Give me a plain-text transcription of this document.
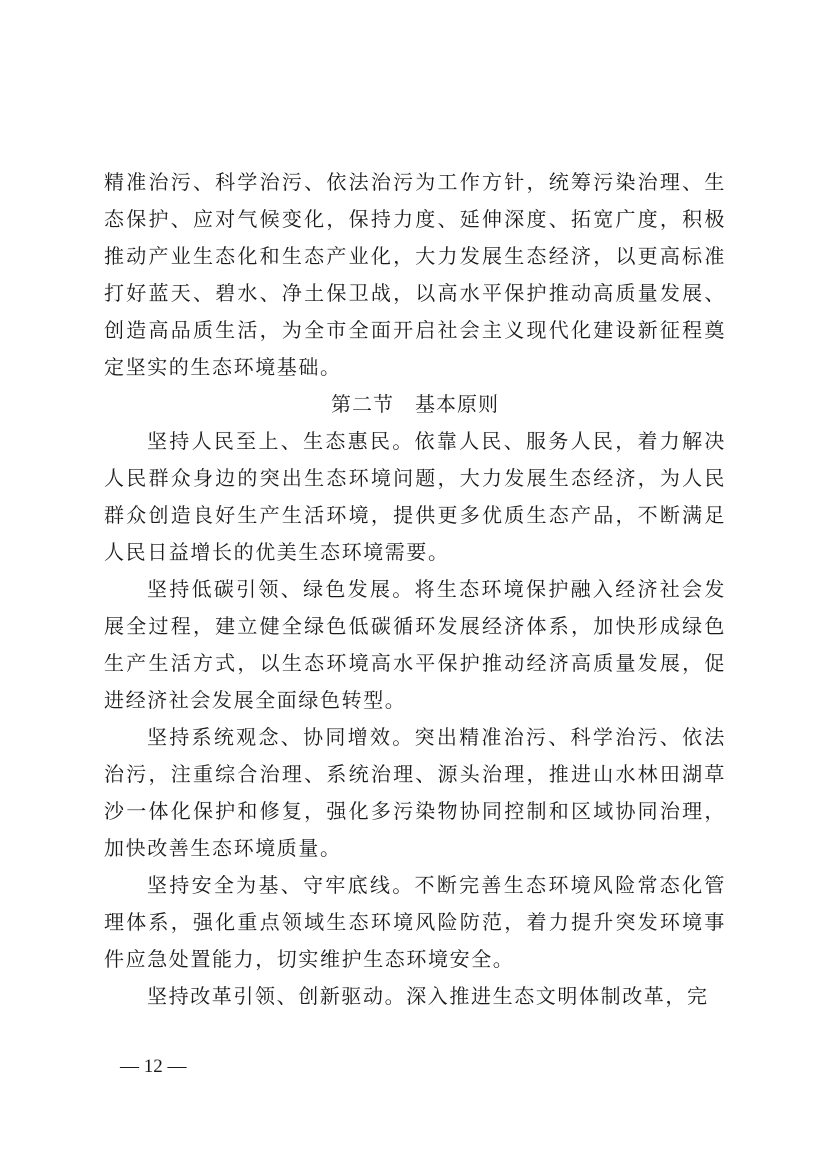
精准治污、科学治污、依法治污为工作方针，统筹污染治理、生态保护、应对气候变化，保持力度、延伸深度、拓宽广度，积极推动产业生态化和生态产业化，大力发展生态经济，以更高标准打好蓝天、碧水、净土保卫战，以高水平保护推动高质量发展、创造高品质生活，为全市全面开启社会主义现代化建设新征程奠定坚实的生态环境基础。

第二节　基本原则

坚持人民至上、生态惠民。依靠人民、服务人民，着力解决人民群众身边的突出生态环境问题，大力发展生态经济，为人民群众创造良好生产生活环境，提供更多优质生态产品，不断满足人民日益增长的优美生态环境需要。

坚持低碳引领、绿色发展。将生态环境保护融入经济社会发展全过程，建立健全绿色低碳循环发展经济体系，加快形成绿色生产生活方式，以生态环境高水平保护推动经济高质量发展，促进经济社会发展全面绿色转型。

坚持系统观念、协同增效。突出精准治污、科学治污、依法治污，注重综合治理、系统治理、源头治理，推进山水林田湖草沙一体化保护和修复，强化多污染物协同控制和区域协同治理，加快改善生态环境质量。

坚持安全为基、守牢底线。不断完善生态环境风险常态化管理体系，强化重点领域生态环境风险防范，着力提升突发环境事件应急处置能力，切实维护生态环境安全。

坚持改革引领、创新驱动。深入推进生态文明体制改革，完

— 12 —
